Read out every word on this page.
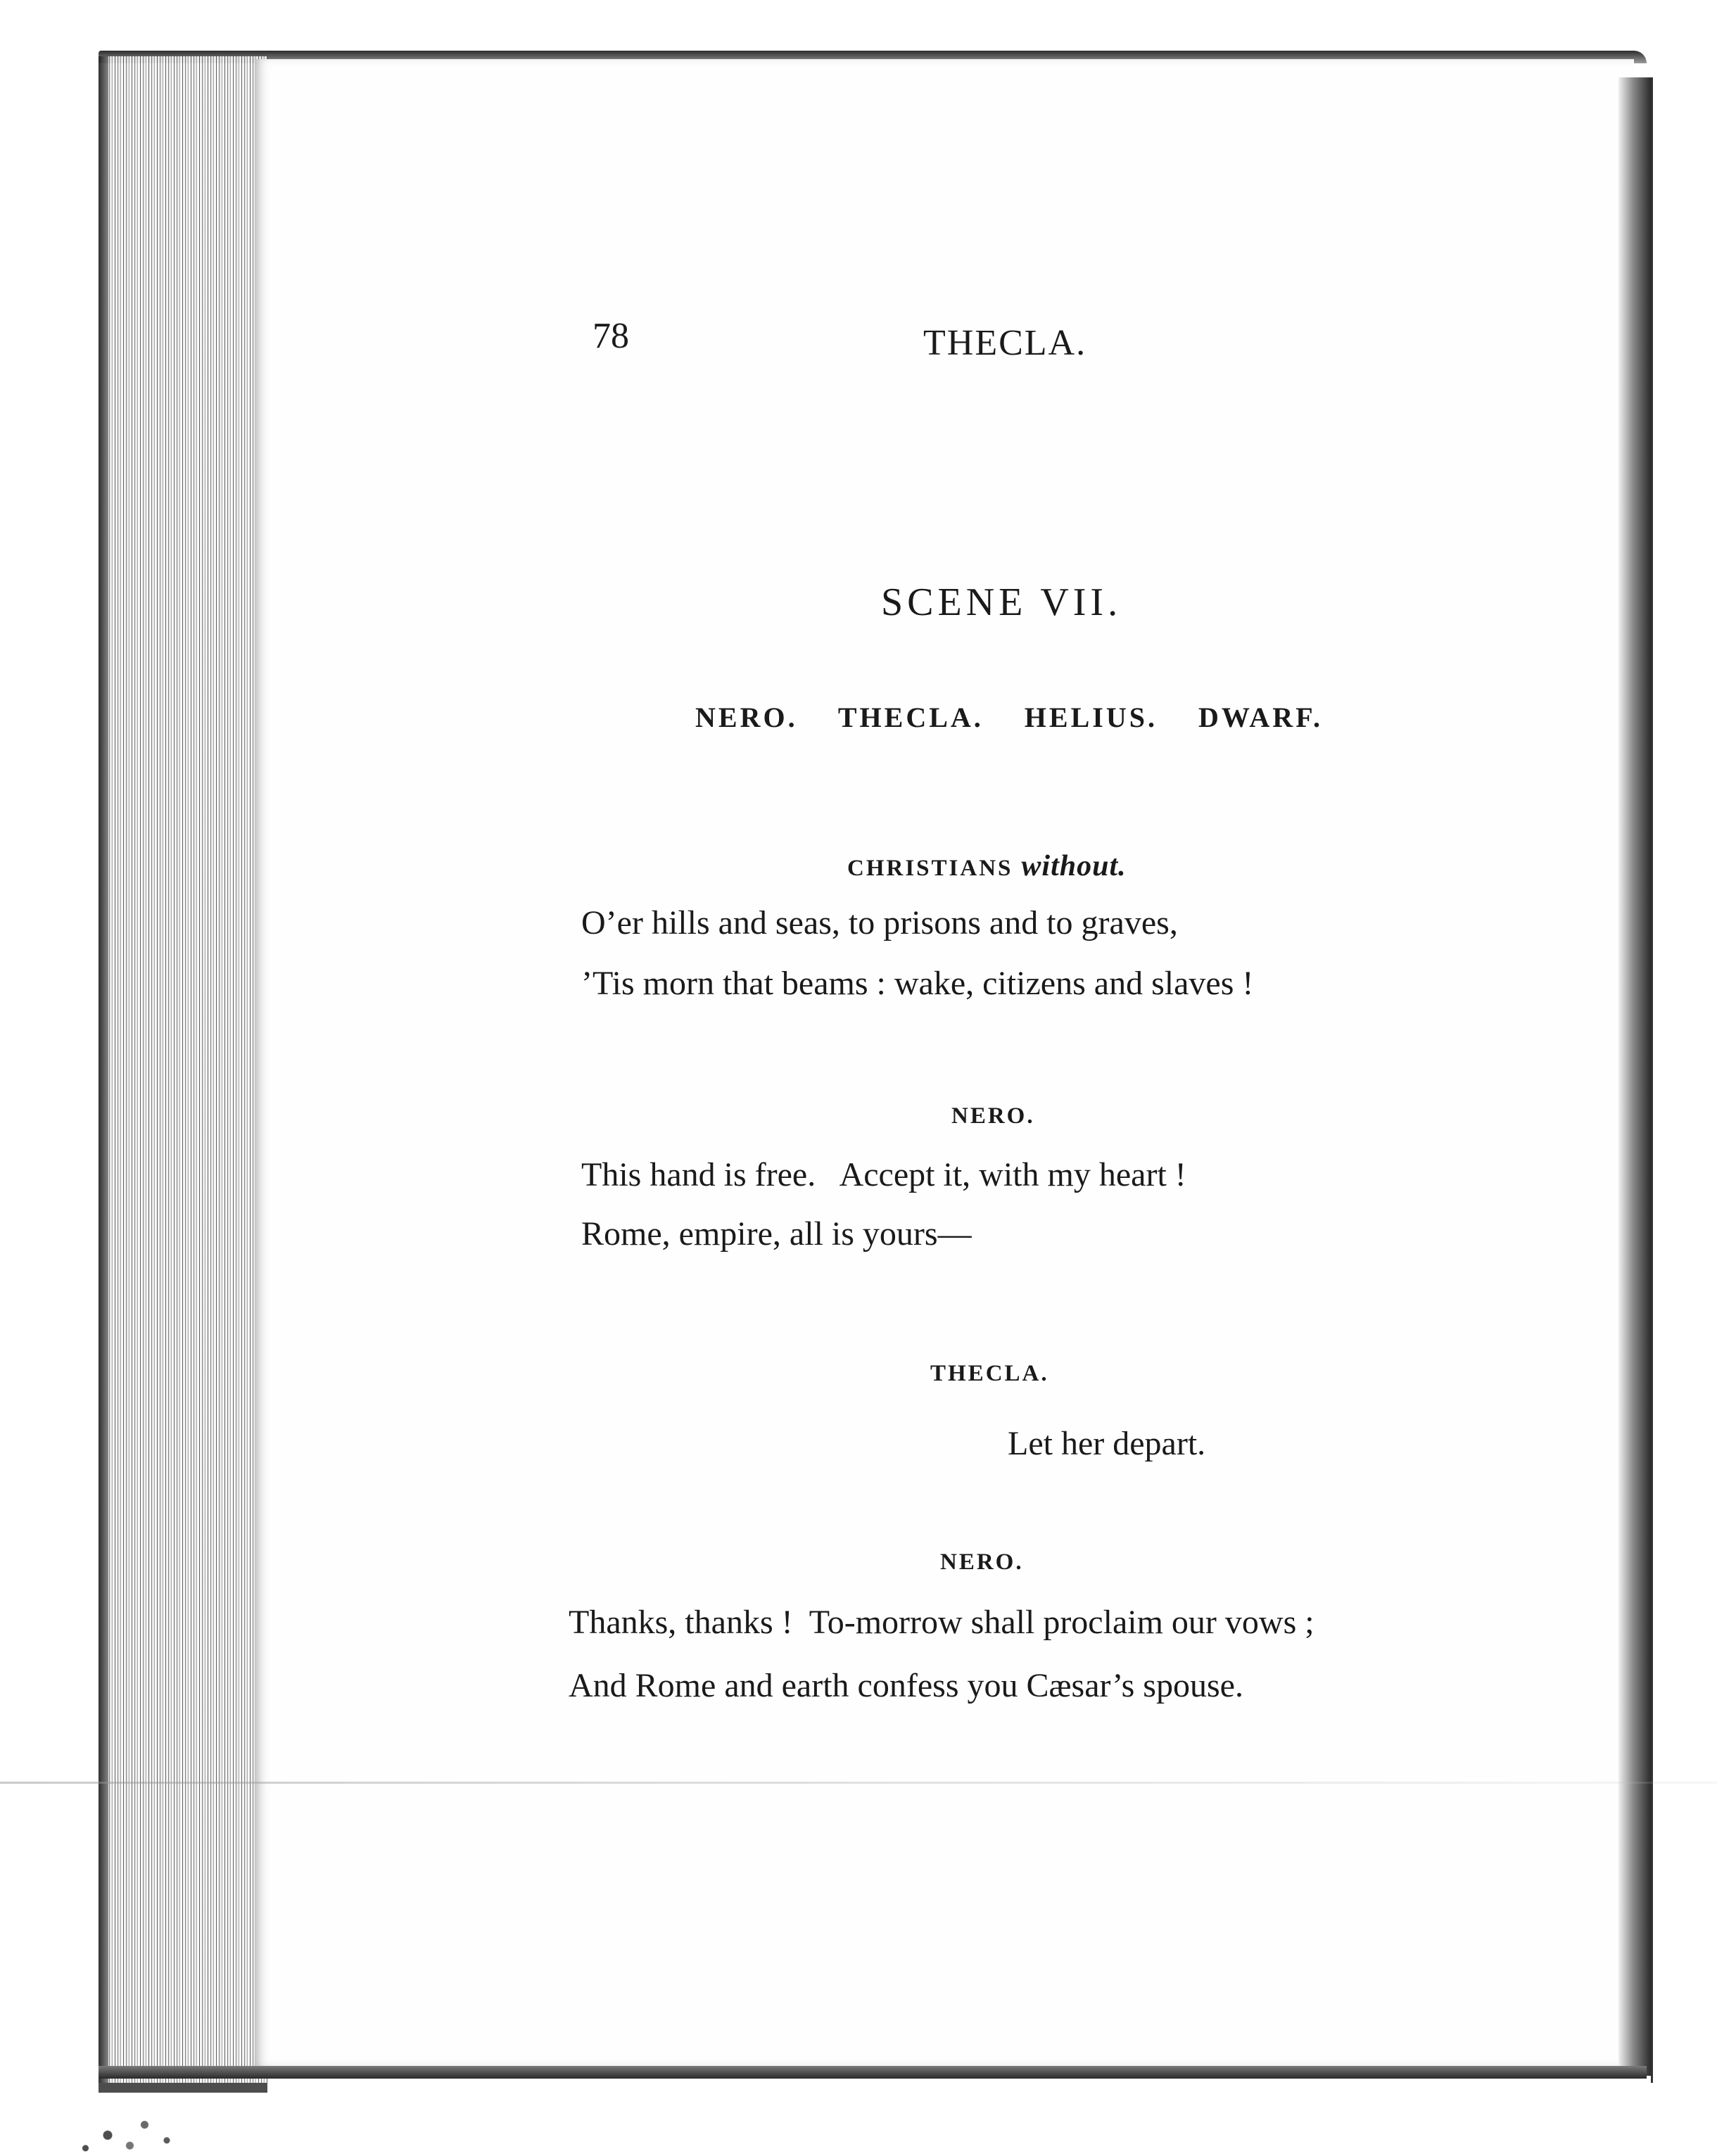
78	THECLA.
SCENE VII.
NERO. THECLA. HELIUS. DWARF.
CHRISTIANS without.
O’er hills and seas, to prisons and to graves,
’Tis morn that beams : wake, citizens and slaves !
NERO.
This hand is free.   Accept it, with my heart !
Rome, empire, all is yours—
THECLA.
Let her depart.
NERO.
Thanks, thanks !  To-morrow shall proclaim our vows ;
And Rome and earth confess you Cæsar’s spouse.
